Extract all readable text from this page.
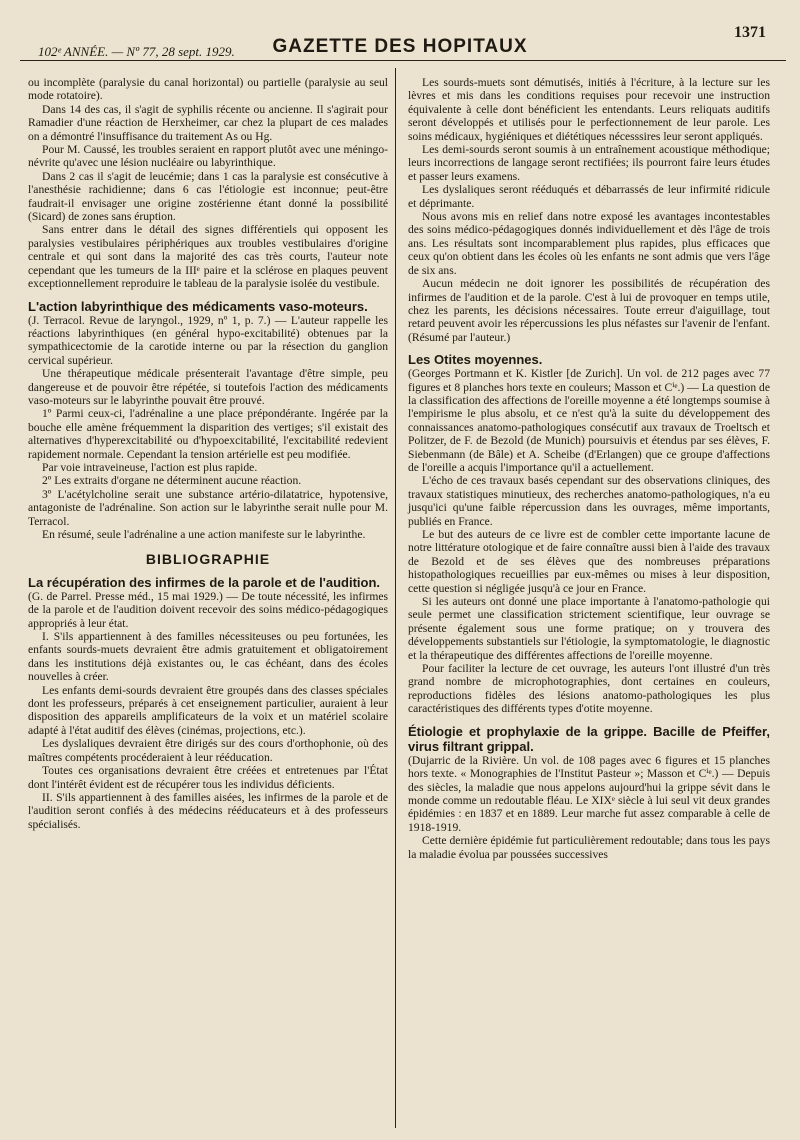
102ᵉ ANNÉE. — Nº 77, 28 sept. 1929.	GAZETTE DES HOPITAUX
1371

ou incomplète (paralysie du canal horizontal) ou partielle (paralysie au seul mode rotatoire).

Dans 14 des cas, il s'agit de syphilis récente ou ancienne. Il s'agirait pour Ramadier d'une réaction de Herxheimer, car chez la plupart de ces malades on a démontré l'insuffisance du traitement As ou Hg.

Pour M. Caussé, les troubles seraient en rapport plutôt avec une méningo-névrite qu'avec une lésion nucléaire ou labyrinthique.

Dans 2 cas il s'agit de leucémie; dans 1 cas la paralysie est consécutive à l'anesthésie rachidienne; dans 6 cas l'étiologie est inconnue; peut-être faudrait-il envisager une origine zostérienne étant donné la possibilité (Sicard) de zones sans éruption.

Sans entrer dans le détail des signes différentiels qui opposent les paralysies vestibulaires périphériques aux troubles vestibulaires d'origine centrale et qui sont dans la majorité des cas très courts, l'auteur note cependant que les tumeurs de la IIIᵉ paire et la sclérose en plaques peuvent exceptionnellement reproduire le tableau de la paralysie isolée du vestibule.

L'action labyrinthique des médicaments vaso-moteurs.

(J. Terracol. Revue de laryngol., 1929, nº 1, p. 7.) — L'auteur rappelle les réactions labyrinthiques (en général hypo-excitabilité) obtenues par la sympathicectomie de la carotide interne ou par la résection du ganglion cervical supérieur.

Une thérapeutique médicale présenterait l'avantage d'être simple, peu dangereuse et de pouvoir être répétée, si toutefois l'action des médicaments vaso-moteurs sur le labyrinthe pouvait être prouvé.

1º Parmi ceux-ci, l'adrénaline a une place prépondérante. Ingérée par la bouche elle amène fréquemment la disparition des vertiges; s'il existait des alternatives d'hyperexcitabilité ou d'hypoexcitabilité, l'excitabilité redevient rapidement normale. Cependant la tension artérielle est peu modifiée.

Par voie intraveineuse, l'action est plus rapide.

2º Les extraits d'organe ne déterminent aucune réaction.

3º L'acétylcholine serait une substance artério-dilatatrice, hypotensive, antagoniste de l'adrénaline. Son action sur le labyrinthe serait nulle pour M. Terracol.

En résumé, seule l'adrénaline a une action manifeste sur le labyrinthe.

BIBLIOGRAPHIE
La récupération des infirmes de la parole et de l'audition.

(G. de Parrel. Presse méd., 15 mai 1929.) — De toute nécessité, les infirmes de la parole et de l'audition doivent recevoir des soins médico-pédagogiques appropriés à leur état.

I. S'ils appartiennent à des familles nécessiteuses ou peu fortunées, les enfants sourds-muets devraient être admis gratuitement et obligatoirement dans les institutions déjà existantes ou, le cas échéant, dans des écoles nouvelles à créer.

Les enfants demi-sourds devraient être groupés dans des classes spéciales dont les professeurs, préparés à cet enseignement particulier, auraient à leur disposition des appareils amplificateurs de la voix et un matériel scolaire adapté à l'état auditif des élèves (cinémas, projections, etc.).

Les dyslaliques devraient être dirigés sur des cours d'orthophonie, où des maîtres compétents procéderaient à leur rééducation.

Toutes ces organisations devraient être créées et entretenues par l'État dont l'intérêt évident est de récupérer tous les individus déficients.

II. S'ils appartiennent à des familles aisées, les infirmes de la parole et de l'audition seront confiés à des médecins rééducateurs et à des professeurs spécialisés.

Les sourds-muets sont démutisés, initiés à l'écriture, à la lecture sur les lèvres et mis dans les conditions requises pour recevoir une instruction équivalente à celle dont bénéficient les entendants. Leurs reliquats auditifs seront développés et utilisés pour le perfectionnement de leur parole. Les soins médicaux, hygiéniques et diététiques nécesssires leur seront appliqués.

Les demi-sourds seront soumis à un entraînement acoustique méthodique; leurs incorrections de langage seront rectifiées; ils pourront faire leurs études et passer leurs examens.

Les dyslaliques seront rééduqués et débarrassés de leur infirmité ridicule et déprimante.

Nous avons mis en relief dans notre exposé les avantages incontestables des soins médico-pédagogiques donnés individuellement et dès l'âge de trois ans. Les résultats sont incomparablement plus rapides, plus efficaces que ceux qu'on obtient dans les écoles où les enfants ne sont admis que vers l'âge de six ans.

Aucun médecin ne doit ignorer les possibilités de récupération des infirmes de l'audition et de la parole. C'est à lui de provoquer en temps utile, chez les parents, les décisions nécessaires. Toute erreur d'aiguillage, tout retard peuvent avoir les répercussions les plus néfastes sur l'avenir de l'enfant. (Résumé par l'auteur.)

Les Otites moyennes.

(Georges Portmann et K. Kistler [de Zurich]. Un vol. de 212 pages avec 77 figures et 8 planches hors texte en couleurs; Masson et Cⁱᵉ.) — La question de la classification des affections de l'oreille moyenne a été longtemps soumise à l'empirisme le plus absolu, et ce n'est qu'à la suite du développement des connaissances anatomo-pathologiques consécutif aux travaux de Troeltsch et Politzer, de F. de Bezold (de Munich) poursuivis et étendus par ses élèves, F. Siebenmann (de Bâle) et A. Scheibe (d'Erlangen) que ce groupe d'affections de l'oreille a acquis l'importance qu'il a actuellement.

L'écho de ces travaux basés cependant sur des observations cliniques, des travaux statistiques minutieux, des recherches anatomo-pathologiques, n'a eu jusqu'ici qu'une faible répercussion dans les ouvrages, même importants, publiés en France.

Le but des auteurs de ce livre est de combler cette importante lacune de notre littérature otologique et de faire connaître aussi bien à l'aide des travaux de Bezold et de ses élèves que des nombreuses préparations histopathologiques recueillies par eux-mêmes ou mises à leur disposition, cette question si négligée jusqu'à ce jour en France.

Si les auteurs ont donné une place importante à l'anatomo-pathologie qui seule permet une classification strictement scientifique, leur ouvrage se présente également sous une forme pratique; on y trouvera des développements substantiels sur l'étiologie, la symptomatologie, le diagnostic et la thérapeutique des différentes affections de l'oreille moyenne.

Pour faciliter la lecture de cet ouvrage, les auteurs l'ont illustré d'un très grand nombre de microphotographies, dont certaines en couleurs, reproductions fidèles des lésions anatomo-pathologiques les plus caractéristiques des différents types d'otite moyenne.

Étiologie et prophylaxie de la grippe. Bacille de Pfeiffer, virus filtrant grippal.

(Dujarric de la Rivière. Un vol. de 108 pages avec 6 figures et 15 planches hors texte. « Monographies de l'Institut Pasteur »; Masson et Cⁱᵉ.) — Depuis des siècles, la maladie que nous appelons aujourd'hui la grippe sévit dans le monde comme un redoutable fléau. Le XIXᵉ siècle à lui seul vit deux grandes épidémies : en 1837 et en 1889. Leur marche fut assez comparable à celle de 1918-1919.

Cette dernière épidémie fut particulièrement redoutable; dans tous les pays la maladie évolua par poussées successives
